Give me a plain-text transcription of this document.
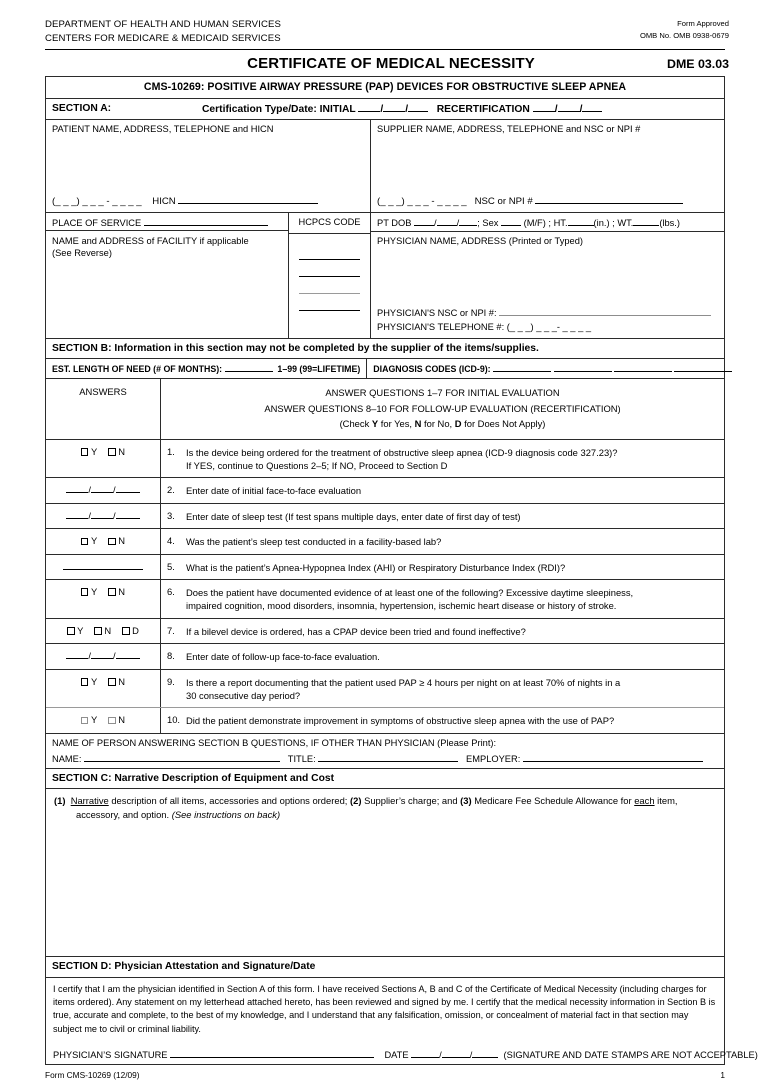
DEPARTMENT OF HEALTH AND HUMAN SERVICES
CENTERS FOR MEDICARE & MEDICAID SERVICES
Form Approved
OMB No. OMB 0938-0679
CERTIFICATE OF MEDICAL NECESSITY	DME 03.03
CMS-10269: POSITIVE AIRWAY PRESSURE (PAP) DEVICES FOR OBSTRUCTIVE SLEEP APNEA
SECTION A:	Certification Type/Date: INITIAL / /	RECERTIFICATION / /
PATIENT NAME, ADDRESS, TELEPHONE and HICN
(_ _ _) _ _ _ - _ _ _ _ HICN
SUPPLIER NAME, ADDRESS, TELEPHONE and NSC or NPI #
(_ _ _) _ _ _ - _ _ _ _ NSC or NPI #
PLACE OF SERVICE
NAME and ADDRESS of FACILITY if applicable
(See Reverse)
HCPCS CODE	PT DOB / / ; Sex	(M/F) ; HT.	(in.) ; WT.	(lbs.)
PHYSICIAN NAME, ADDRESS (Printed or Typed)
PHYSICIAN'S NSC or NPI #:
PHYSICIAN'S TELEPHONE #: (_ _ _) _ _ _- _ _ _ _
SECTION B: Information in this section may not be completed by the supplier of the items/supplies.
EST. LENGTH OF NEED (# OF MONTHS):	1–99 (99=LIFETIME)	DIAGNOSIS CODES (ICD-9):
ANSWERS	ANSWER QUESTIONS 1–7 FOR INITIAL EVALUATION
ANSWER QUESTIONS 8–10 FOR FOLLOW-UP EVALUATION (RECERTIFICATION)
(Check Y for Yes, N for No, D for Does Not Apply)
Y N	1.	Is the device being ordered for the treatment of obstructive sleep apnea (ICD-9 diagnosis code 327.23)?
If YES, continue to Questions 2–5; If NO, Proceed to Section D
/ /	2.	Enter date of initial face-to-face evaluation
/ /	3.	Enter date of sleep test (If test spans multiple days, enter date of first day of test)
Y N	4.	Was the patient’s sleep test conducted in a facility-based lab?
5.	What is the patient’s Apnea-Hypopnea Index (AHI) or Respiratory Disturbance Index (RDI)?
Y N	6.	Does the patient have documented evidence of at least one of the following? Excessive daytime sleepiness,
impaired cognition, mood disorders, insomnia, hypertension, ischemic heart disease or history of stroke.
Y N D	7.	If a bilevel device is ordered, has a CPAP device been tried and found ineffective?
/ /	8.	Enter date of follow-up face-to-face evaluation.
Y N	9.	Is there a report documenting that the patient used PAP ≥ 4 hours per night on at least 70% of nights in a
30 consecutive day period?
Y N	10. Did the patient demonstrate improvement in symptoms of obstructive sleep apnea with the use of PAP?
NAME OF PERSON ANSWERING SECTION B QUESTIONS, IF OTHER THAN PHYSICIAN (Please Print):
NAME:	TITLE:	EMPLOYER:
SECTION C: Narrative Description of Equipment and Cost
(1) Narrative description of all items, accessories and options ordered; (2) Supplier’s charge; and (3) Medicare Fee Schedule Allowance for each item, accessory, and option. (See instructions on back)
SECTION D: Physician Attestation and Signature/Date
I certify that I am the physician identified in Section A of this form. I have received Sections A, B and C of the Certificate of Medical Necessity (including charges for items ordered). Any statement on my letterhead attached hereto, has been reviewed and signed by me. I certify that the medical necessity information in Section B is true, accurate and complete, to the best of my knowledge, and I understand that any falsification, omission, or concealment of material fact in that section may subject me to civil or criminal liability.
PHYSICIAN’S SIGNATURE	DATE	/	/	(SIGNATURE AND DATE STAMPS ARE NOT ACCEPTABLE)
Form CMS-10269 (12/09)	1
